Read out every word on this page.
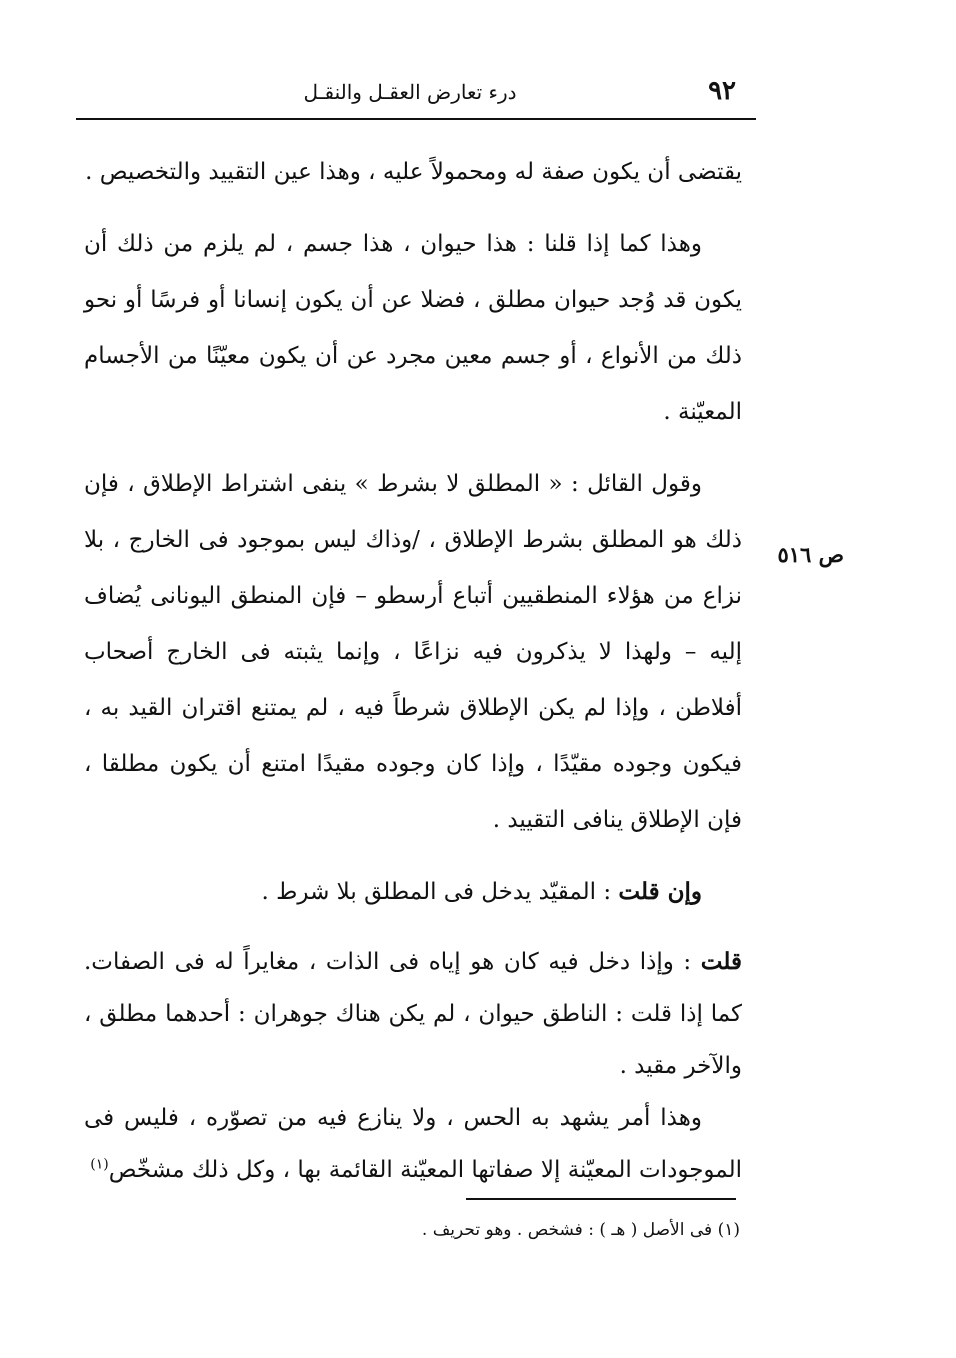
٩٢
درء تعارض العقـل والنقـل
ص ٥١٦

يقتضى أن يكون صفة له ومحمولاً عليه ، وهذا عين التقييد والتخصيص .

وهذا كما إذا قلنا : هذا حيوان ، هذا جسم ، لم يلزم من ذلك أن يكون قد وُجد حيوان مطلق ، فضلا عن أن يكون إنسانا أو فرسًا أو نحو ذلك من الأنواع ، أو جسم معين مجرد عن أن يكون معيّنًا من الأجسام المعيّنة .

وقول القائل : « المطلق لا بشرط » ينفى اشتراط الإطلاق ، فإن ذلك هو المطلق بشرط الإطلاق ، /وذاك ليس بموجود فى الخارج ، بلا نزاع من هؤلاء المنطقيين أتباع أرسطو – فإن المنطق اليونانى يُضاف إليه – ولهذا لا يذكرون فيه نزاعًا ، وإنما يثبته فى الخارج أصحاب أفلاطن ، وإذا لم يكن الإطلاق شرطاً فيه ، لم يمتنع اقتران القيد به ، فيكون وجوده مقيّدًا ، وإذا كان وجوده مقيدًا امتنع أن يكون مطلقا ، فإن الإطلاق ينافى التقييد .

وإن قلت : المقيّد يدخل فى المطلق بلا شرط .

قلت : وإذا دخل فيه كان هو إياه فى الذات ، مغايراً له فى الصفات. كما إذا قلت : الناطق حيوان ، لم يكن هناك جوهران : أحدهما مطلق ، والآخر مقيد .

وهذا أمر يشهد به الحس ، ولا ينازع فيه من تصوّره ، فليس فى الموجودات المعيّنة إلا صفاتها المعيّنة القائمة بها ، وكل ذلك مشخّص$^{(١)}$

(١) فى الأصل ( هـ ) : فشخص . وهو تحريف .
